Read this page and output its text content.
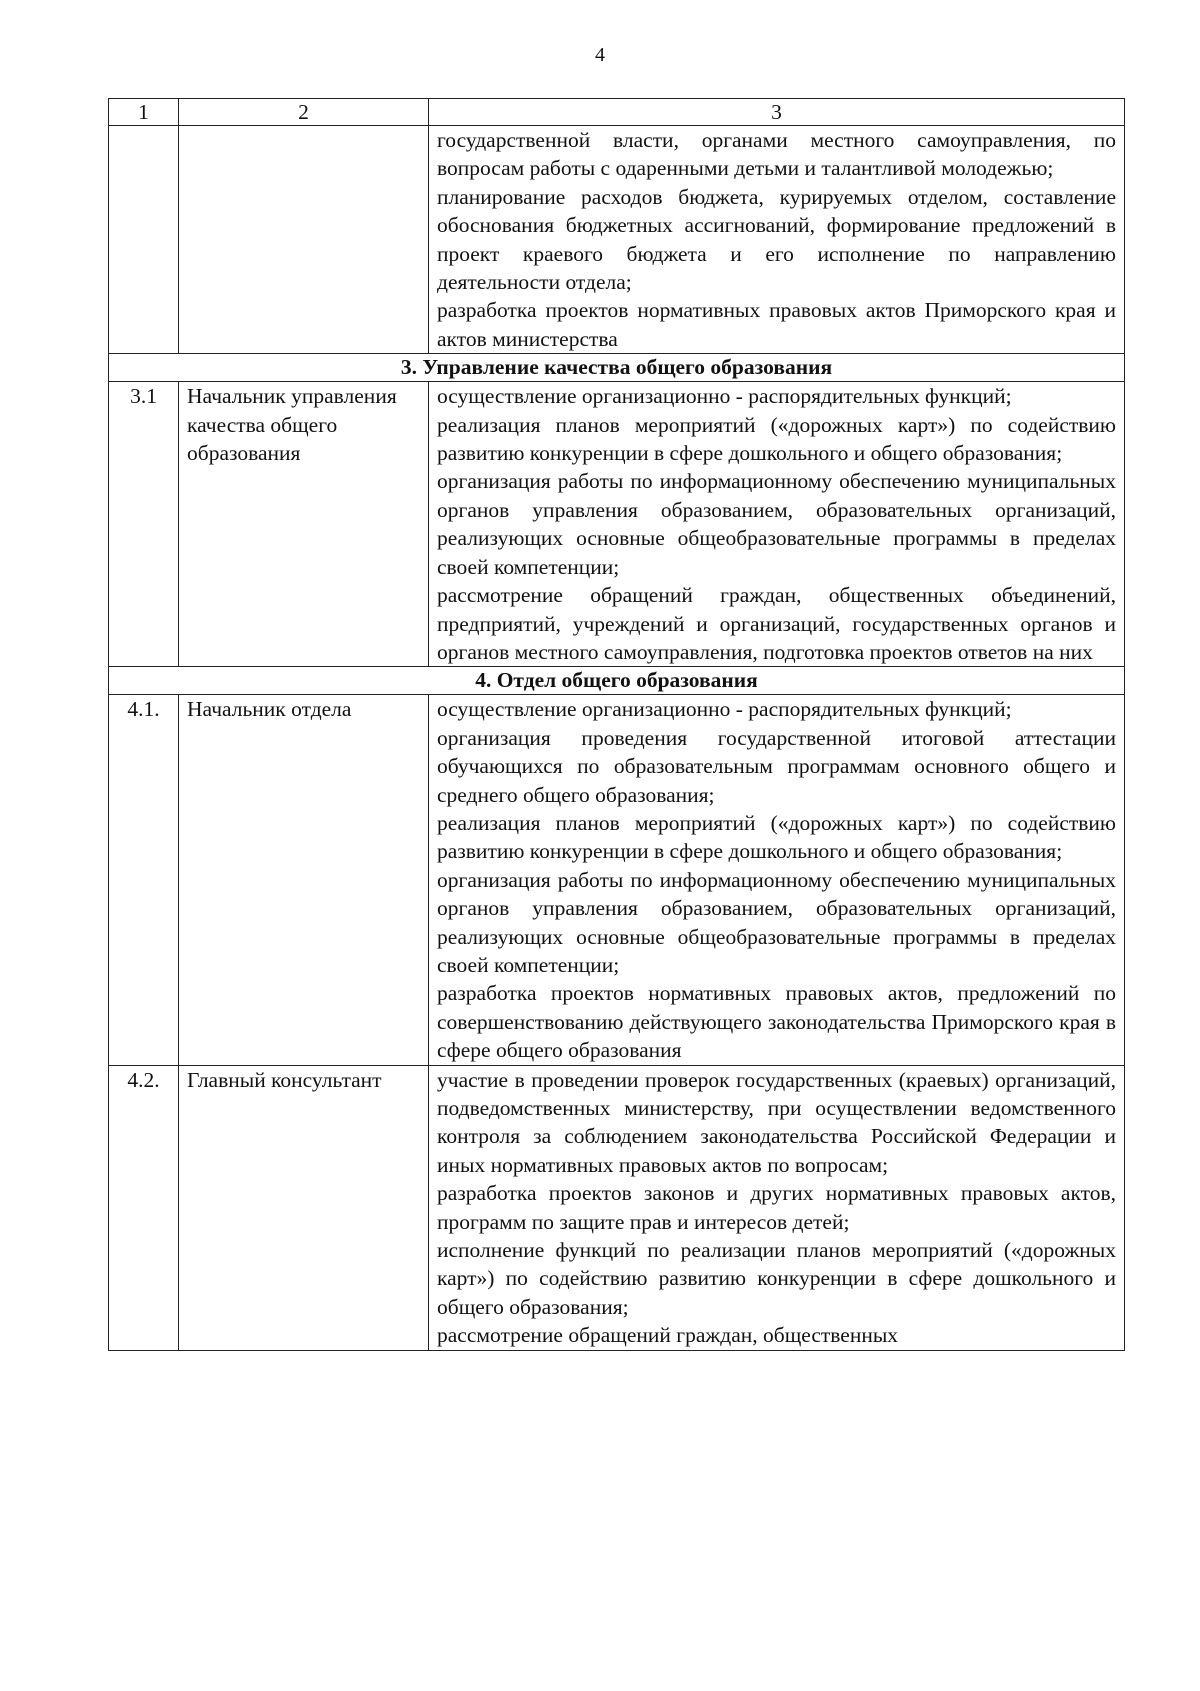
4
1	2	3

		государственной власти, органами местного самоуправления, по вопросам работы с одаренными детьми и талантливой молодежью;

планирование расходов бюджета, курируемых отделом, составление обоснования бюджетных ассигнований, формирование предложений в проект краевого бюджета и его исполнение по направлению деятельности отдела;

разработка проектов нормативных правовых актов Приморского края и актов министерства

3. Управление качества общего образования		
3.1	Начальник управления качества общего образования	осуществление организационно - распорядительных функций;

реализация планов мероприятий («дорожных карт») по содействию развитию конкуренции в сфере дошкольного и общего образования;

организация работы по информационному обеспечению муниципальных органов управления образованием, образовательных организаций, реализующих основные общеобразовательные программы в пределах своей компетенции;

рассмотрение обращений граждан, общественных объединений, предприятий, учреждений и организаций, государственных органов и органов местного самоуправления, подготовка проектов ответов на них

4. Отдел общего образования		
4.1.	Начальник отдела	осуществление организационно - распорядительных функций;

организация проведения государственной итоговой аттестации обучающихся по образовательным программам основного общего и среднего общего образования;

реализация планов мероприятий («дорожных карт») по содействию развитию конкуренции в сфере дошкольного и общего образования;

организация работы по информационному обеспечению муниципальных органов управления образованием, образовательных организаций, реализующих основные общеобразовательные программы в пределах своей компетенции;

разработка проектов нормативных правовых актов, предложений по совершенствованию действующего законодательства Приморского края в сфере общего образования

4.2.	Главный консультант	участие в проведении проверок государственных (краевых) организаций, подведомственных министерству, при осуществлении ведомственного контроля за соблюдением законодательства Российской Федерации и иных нормативных правовых актов по вопросам;

разработка проектов законов и других нормативных правовых актов, программ по защите прав и интересов детей;

исполнение функций по реализации планов мероприятий («дорожных карт») по содействию развитию конкуренции в сфере дошкольного и общего образования;

рассмотрение обращений граждан, общественных
